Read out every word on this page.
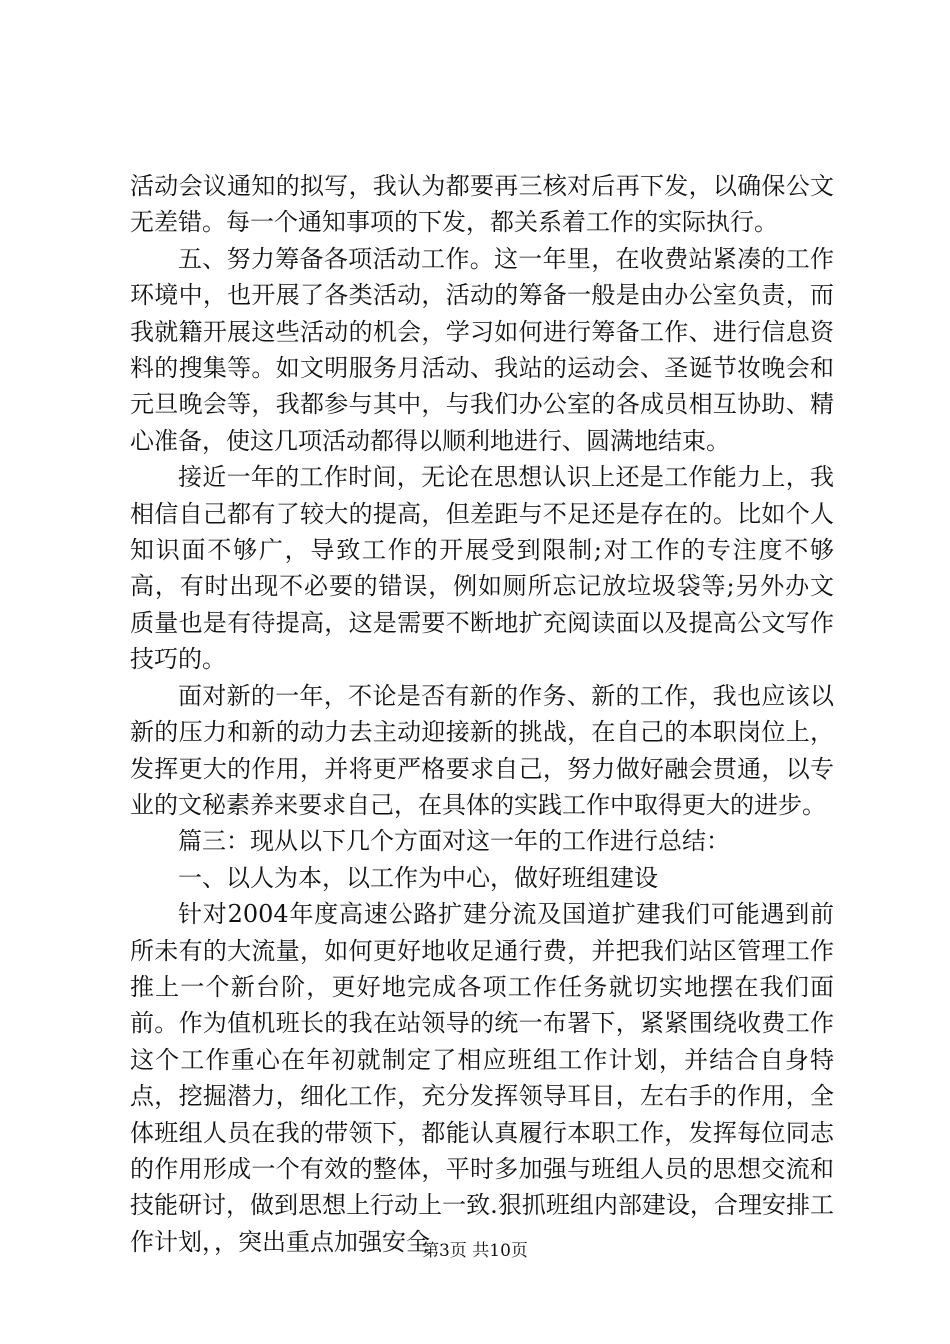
活动会议通知的拟写，我认为都要再三核对后再下发，以确保公文无差错。每一个通知事项的下发，都关系着工作的实际执行。

五、努力筹备各项活动工作。这一年里，在收费站紧凑的工作环境中，也开展了各类活动，活动的筹备一般是由办公室负责，而我就籍开展这些活动的机会，学习如何进行筹备工作、进行信息资料的搜集等。如文明服务月活动、我站的运动会、圣诞节妆晚会和元旦晚会等，我都参与其中，与我们办公室的各成员相互协助、精心准备，使这几项活动都得以顺利地进行、圆满地结束。

接近一年的工作时间，无论在思想认识上还是工作能力上，我相信自己都有了较大的提高，但差距与不足还是存在的。比如个人知识面不够广，导致工作的开展受到限制;对工作的专注度不够高，有时出现不必要的错误，例如厕所忘记放垃圾袋等;另外办文质量也是有待提高，这是需要不断地扩充阅读面以及提高公文写作技巧的。

面对新的一年，不论是否有新的作务、新的工作，我也应该以新的压力和新的动力去主动迎接新的挑战，在自己的本职岗位上，发挥更大的作用，并将更严格要求自己，努力做好融会贯通，以专业的文秘素养来要求自己，在具体的实践工作中取得更大的进步。

篇三：现从以下几个方面对这一年的工作进行总结：

一、以人为本，以工作为中心，做好班组建设

针对2004年度高速公路扩建分流及国道扩建我们可能遇到前所未有的大流量，如何更好地收足通行费，并把我们站区管理工作推上一个新台阶，更好地完成各项工作任务就切实地摆在我们面前。作为值机班长的我在站领导的统一布署下，紧紧围绕收费工作这个工作重心在年初就制定了相应班组工作计划，并结合自身特点，挖掘潜力，细化工作，充分发挥领导耳目，左右手的作用，全体班组人员在我的带领下，都能认真履行本职工作，发挥每位同志的作用形成一个有效的整体，平时多加强与班组人员的思想交流和技能研讨，做到思想上行动上一致.狠抓班组内部建设，合理安排工作计划，，突出重点加强安全

第3页 共10页
